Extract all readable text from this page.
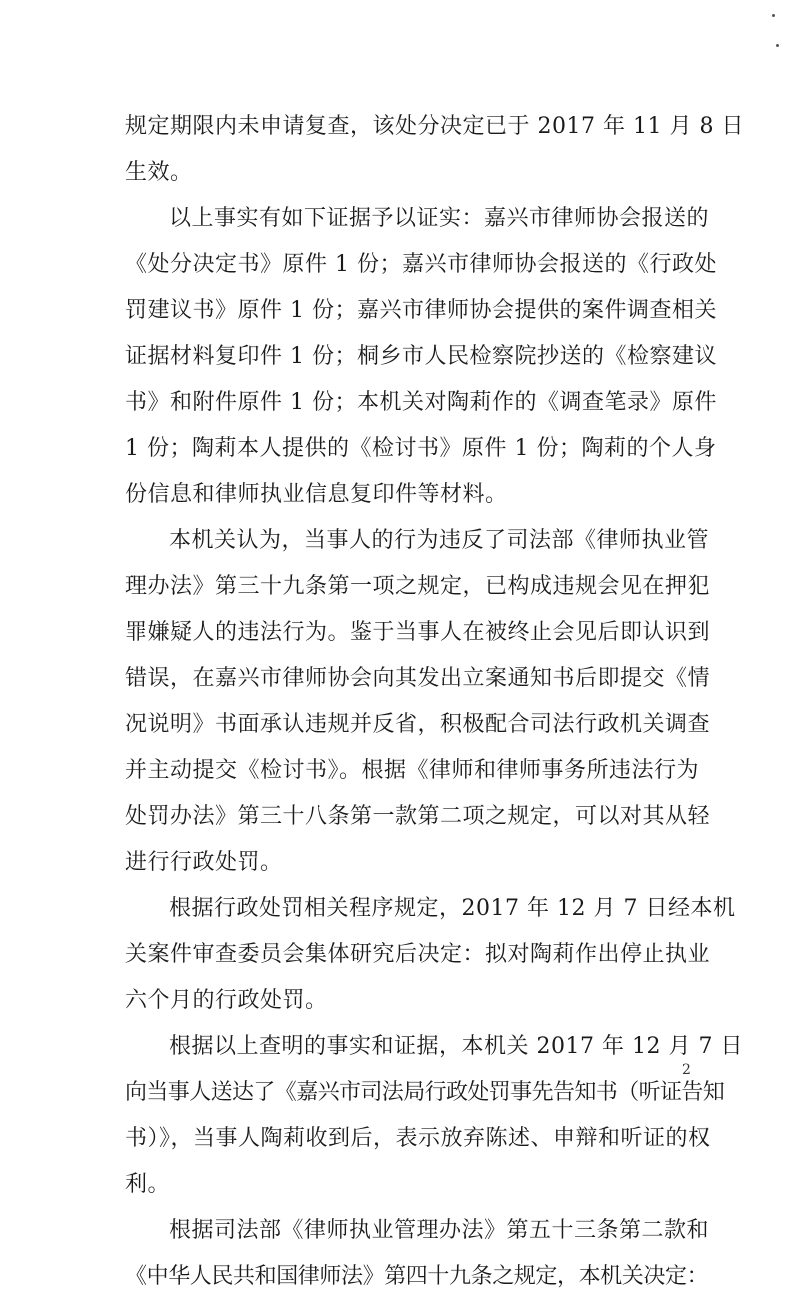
规定期限内未申请复查，该处分决定已于 2017 年 11 月 8 日
生效。

以上事实有如下证据予以证实：嘉兴市律师协会报送的
《处分决定书》原件 1 份；嘉兴市律师协会报送的《行政处
罚建议书》原件 1 份；嘉兴市律师协会提供的案件调查相关
证据材料复印件 1 份；桐乡市人民检察院抄送的《检察建议
书》和附件原件 1 份；本机关对陶莉作的《调查笔录》原件
1 份；陶莉本人提供的《检讨书》原件 1 份；陶莉的个人身
份信息和律师执业信息复印件等材料。

本机关认为，当事人的行为违反了司法部《律师执业管
理办法》第三十九条第一项之规定，已构成违规会见在押犯
罪嫌疑人的违法行为。鉴于当事人在被终止会见后即认识到
错误，在嘉兴市律师协会向其发出立案通知书后即提交《情
况说明》书面承认违规并反省，积极配合司法行政机关调查
并主动提交《检讨书》。根据《律师和律师事务所违法行为
处罚办法》第三十八条第一款第二项之规定，可以对其从轻
进行行政处罚。

根据行政处罚相关程序规定，2017 年 12 月 7 日经本机
关案件审查委员会集体研究后决定：拟对陶莉作出停止执业
六个月的行政处罚。

根据以上查明的事实和证据，本机关 2017 年 12 月 7 日
向当事人送达了《嘉兴市司法局行政处罚事先告知书（听证告知
书）》，当事人陶莉收到后，表示放弃陈述、申辩和听证的权
利。

根据司法部《律师执业管理办法》第五十三条第二款和
《中华人民共和国律师法》第四十九条之规定，本机关决定：

2
